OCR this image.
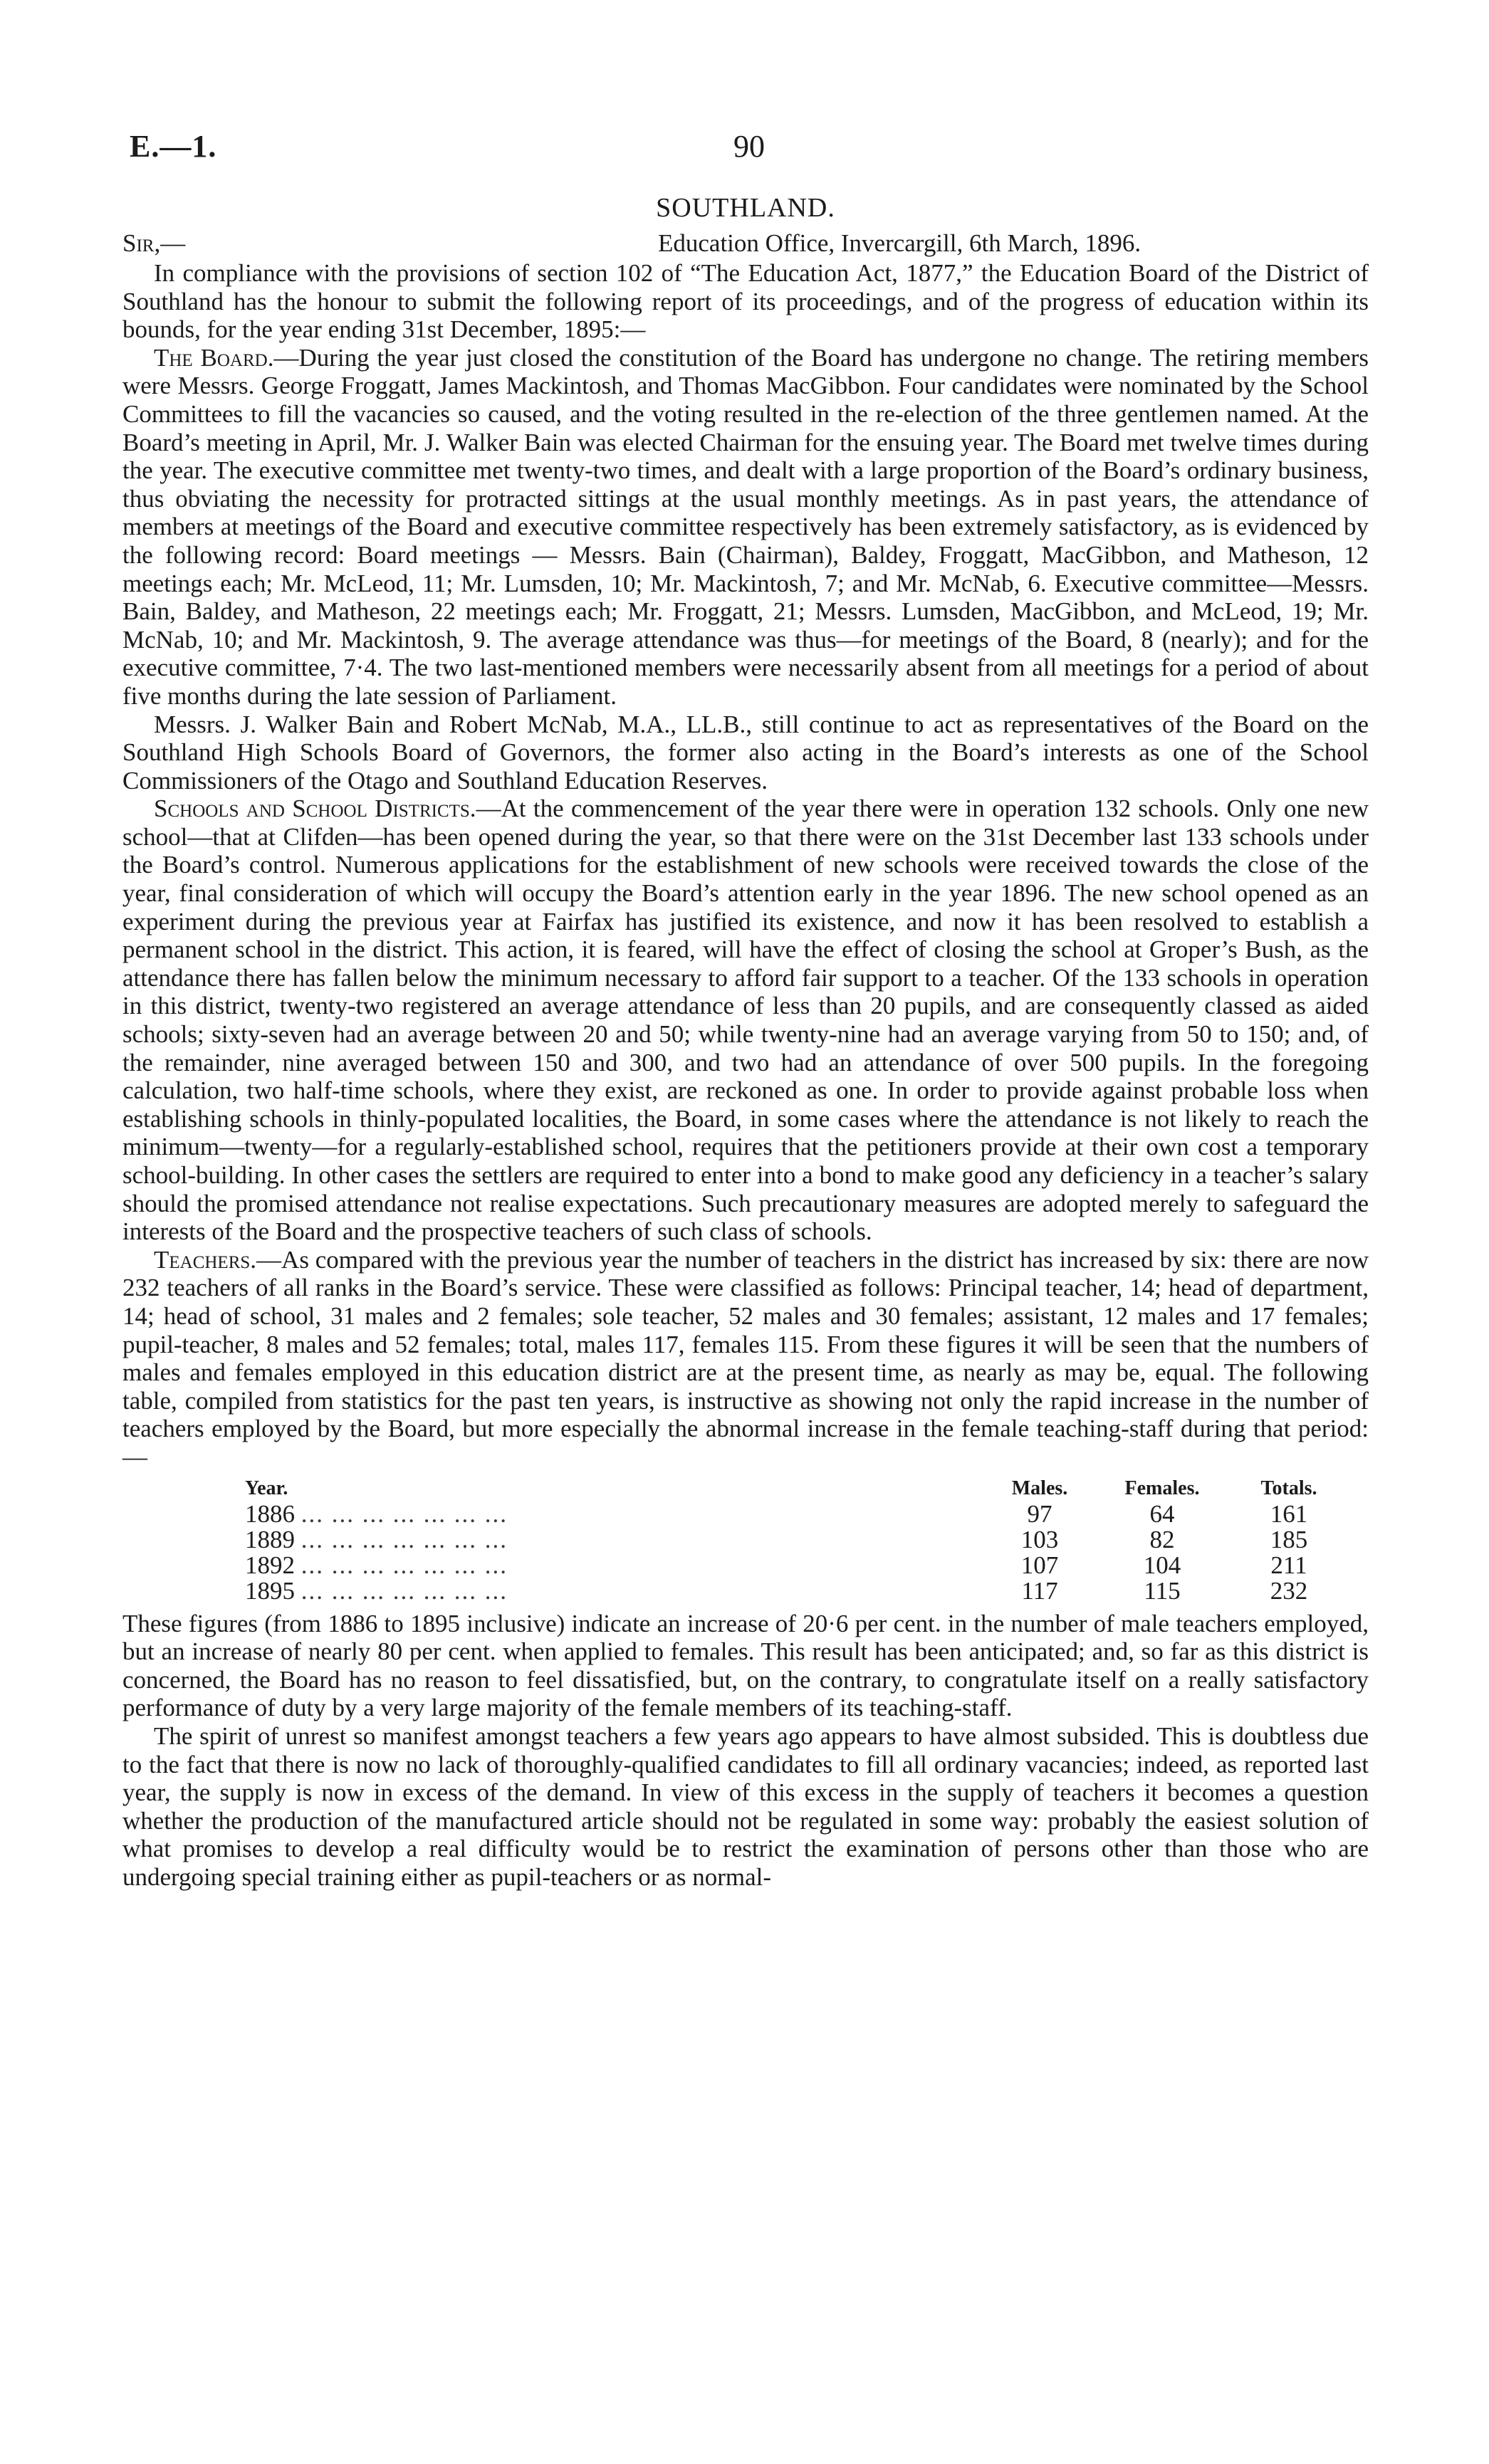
E.—1.	90
SOUTHLAND.
Sir,—	Education Office, Invercargill, 6th March, 1896.

In compliance with the provisions of section 102 of “The Education Act, 1877,” the Education Board of the District of Southland has the honour to submit the following report of its proceedings, and of the progress of education within its bounds, for the year ending 31st December, 1895:—

The Board.—During the year just closed the constitution of the Board has undergone no change. The retiring members were Messrs. George Froggatt, James Mackintosh, and Thomas MacGibbon. Four candidates were nominated by the School Committees to fill the vacancies so caused, and the voting resulted in the re-election of the three gentlemen named. At the Board’s meeting in April, Mr. J. Walker Bain was elected Chairman for the ensuing year. The Board met twelve times during the year. The executive committee met twenty-two times, and dealt with a large proportion of the Board’s ordinary business, thus obviating the necessity for protracted sittings at the usual monthly meetings. As in past years, the attendance of members at meetings of the Board and executive committee respectively has been extremely satisfactory, as is evidenced by the following record: Board meetings — Messrs. Bain (Chairman), Baldey, Froggatt, MacGibbon, and Matheson, 12 meetings each; Mr. McLeod, 11; Mr. Lumsden, 10; Mr. Mackintosh, 7; and Mr. McNab, 6. Executive committee—Messrs. Bain, Baldey, and Matheson, 22 meetings each; Mr. Froggatt, 21; Messrs. Lumsden, MacGibbon, and McLeod, 19; Mr. McNab, 10; and Mr. Mackintosh, 9. The average attendance was thus—for meetings of the Board, 8 (nearly); and for the executive committee, 7·4. The two last-mentioned members were necessarily absent from all meetings for a period of about five months during the late session of Parliament.

Messrs. J. Walker Bain and Robert McNab, M.A., LL.B., still continue to act as representatives of the Board on the Southland High Schools Board of Governors, the former also acting in the Board’s interests as one of the School Commissioners of the Otago and Southland Education Reserves.

Schools and School Districts.—At the commencement of the year there were in operation 132 schools. Only one new school—that at Clifden—has been opened during the year, so that there were on the 31st December last 133 schools under the Board’s control. Numerous applications for the establishment of new schools were received towards the close of the year, final consideration of which will occupy the Board’s attention early in the year 1896. The new school opened as an experiment during the previous year at Fairfax has justified its existence, and now it has been resolved to establish a permanent school in the district. This action, it is feared, will have the effect of closing the school at Groper’s Bush, as the attendance there has fallen below the minimum necessary to afford fair support to a teacher. Of the 133 schools in operation in this district, twenty-two registered an average attendance of less than 20 pupils, and are consequently classed as aided schools; sixty-seven had an average between 20 and 50; while twenty-nine had an average varying from 50 to 150; and, of the remainder, nine averaged between 150 and 300, and two had an attendance of over 500 pupils. In the foregoing calculation, two half-time schools, where they exist, are reckoned as one. In order to provide against probable loss when establishing schools in thinly-populated localities, the Board, in some cases where the attendance is not likely to reach the minimum—twenty—for a regularly-established school, requires that the petitioners provide at their own cost a temporary school-building. In other cases the settlers are required to enter into a bond to make good any deficiency in a teacher’s salary should the promised attendance not realise expectations. Such precautionary measures are adopted merely to safeguard the interests of the Board and the prospective teachers of such class of schools.

Teachers.—As compared with the previous year the number of teachers in the district has increased by six: there are now 232 teachers of all ranks in the Board’s service. These were classified as follows: Principal teacher, 14; head of department, 14; head of school, 31 males and 2 females; sole teacher, 52 males and 30 females; assistant, 12 males and 17 females; pupil-teacher, 8 males and 52 females; total, males 117, females 115. From these figures it will be seen that the numbers of males and females employed in this education district are at the present time, as nearly as may be, equal. The following table, compiled from statistics for the past ten years, is instructive as showing not only the rapid increase in the number of teachers employed by the Board, but more especially the abnormal increase in the female teaching-staff during that period:—

Year.	Males.	Females.	Totals.
1886 ... ... ... ... ... ... ...	97	64	161
1889 ... ... ... ... ... ... ...	103	82	185
1892 ... ... ... ... ... ... ...	107	104	211
1895 ... ... ... ... ... ... ...	117	115	232

These figures (from 1886 to 1895 inclusive) indicate an increase of 20·6 per cent. in the number of male teachers employed, but an increase of nearly 80 per cent. when applied to females. This result has been anticipated; and, so far as this district is concerned, the Board has no reason to feel dissatisfied, but, on the contrary, to congratulate itself on a really satisfactory performance of duty by a very large majority of the female members of its teaching-staff.

The spirit of unrest so manifest amongst teachers a few years ago appears to have almost subsided. This is doubtless due to the fact that there is now no lack of thoroughly-qualified candidates to fill all ordinary vacancies; indeed, as reported last year, the supply is now in excess of the demand. In view of this excess in the supply of teachers it becomes a question whether the production of the manufactured article should not be regulated in some way: probably the easiest solution of what promises to develop a real difficulty would be to restrict the examination of persons other than those who are undergoing special training either as pupil-teachers or as normal-
